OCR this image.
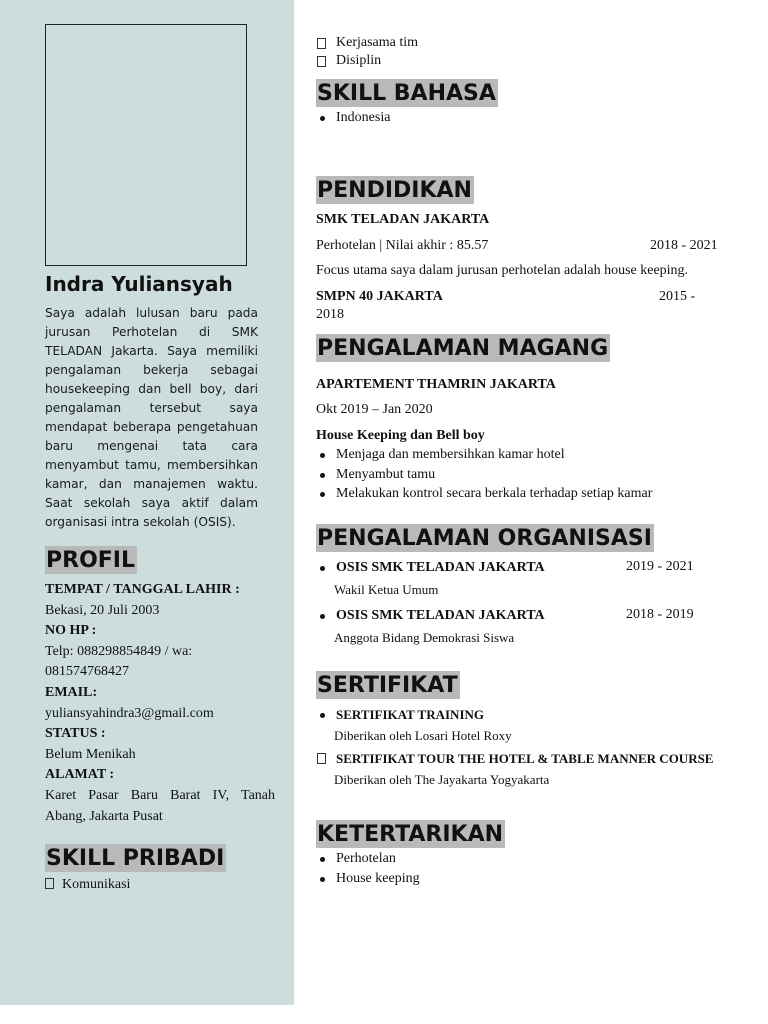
Indra Yuliansyah

Saya adalah lulusan baru pada jurusan Perhotelan di SMK TELADAN Jakarta. Saya memiliki pengalaman bekerja sebagai housekeeping dan bell boy, dari pengalaman tersebut saya mendapat beberapa pengetahuan baru mengenai tata cara menyambut tamu, membersihkan kamar, dan manajemen waktu. Saat sekolah saya aktif dalam organisasi intra sekolah (OSIS).

PROFIL
TEMPAT / TANGGAL LAHIR :
Bekasi, 20 Juli 2003
NO HP :
Telp: 088298854849 / wa: 081574768427
EMAIL:
yuliansyahindra3@gmail.com
STATUS :
Belum Menikah
ALAMAT :
Karet Pasar Baru Barat IV, Tanah Abang, Jakarta Pusat
SKILL PRIBADI
Komunikasi
Kerjasama tim
Disiplin
SKILL BAHASA
Indonesia
PENDIDIKAN
SMK TELADAN JAKARTA
Perhotelan | Nilai akhir : 85.57	2018 - 2021
Focus utama saya dalam jurusan perhotelan adalah house keeping.
SMPN 40 JAKARTA	2015 -
2018
PENGALAMAN MAGANG
APARTEMENT THAMRIN JAKARTA
Okt 2019 – Jan 2020
House Keeping dan Bell boy
Menjaga dan membersihkan kamar hotel
Menyambut tamu
Melakukan kontrol secara berkala terhadap setiap kamar
PENGALAMAN ORGANISASI
OSIS SMK TELADAN JAKARTA
OSIS SMK TELADAN JAKARTA
2019 - 2021
Wakil Ketua Umum
2018 - 2019
Anggota Bidang Demokrasi Siswa
SERTIFIKAT
SERTIFIKAT TRAINING
SERTIFIKAT TOUR THE HOTEL & TABLE MANNER COURSE
Diberikan oleh Losari Hotel Roxy
Diberikan oleh The Jayakarta Yogyakarta
KETERTARIKAN
Perhotelan
House keeping
